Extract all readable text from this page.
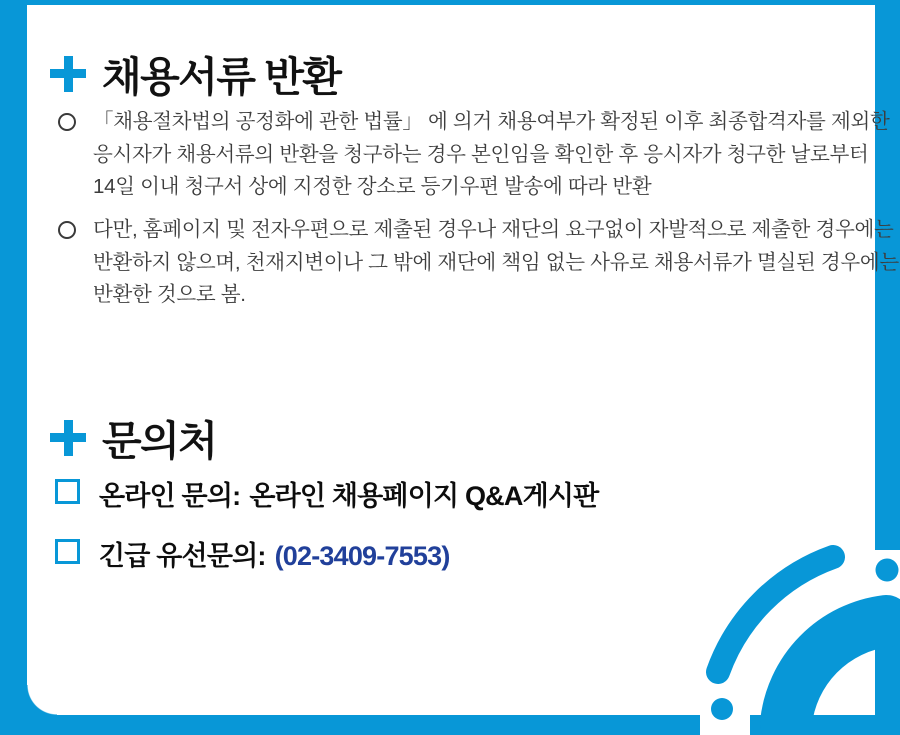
채용서류 반환
「채용절차법의 공정화에 관한 법률」 에 의거 채용여부가 확정된 이후 최종합격자를 제외한
응시자가 채용서류의 반환을 청구하는 경우 본인임을 확인한 후 응시자가 청구한 날로부터
14일 이내 청구서 상에 지정한 장소로 등기우편 발송에 따라 반환
다만, 홈페이지 및 전자우편으로 제출된 경우나 재단의 요구없이 자발적으로 제출한 경우에는
반환하지 않으며, 천재지변이나 그 밖에 재단에 책임 없는 사유로 채용서류가 멸실된 경우에는
반환한 것으로 봄.
문의처
온라인 문의: 온라인 채용페이지 Q&A게시판
긴급 유선문의: (02-3409-7553)
